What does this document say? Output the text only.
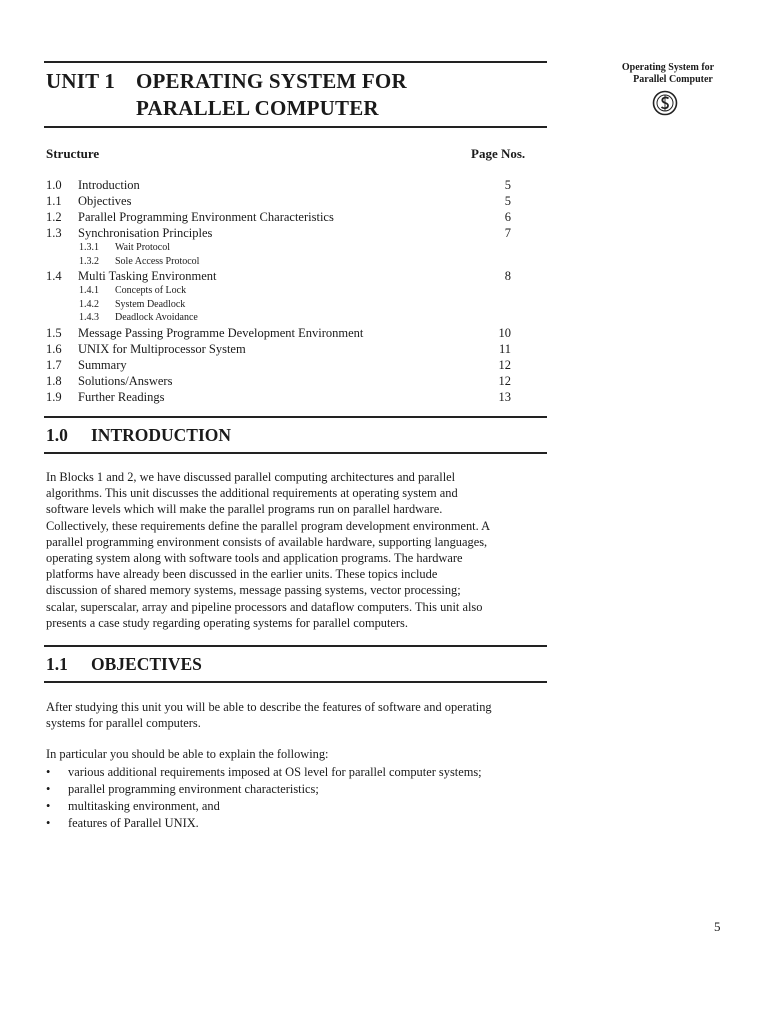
Operating System for
Parallel Computer
UNIT 1 OPERATING SYSTEM FOR
PARALLEL COMPUTER
Structure	Page Nos.
1.0 Introduction	5
1.1 Objectives	5
1.2 Parallel Programming Environment Characteristics	6
1.3 Synchronisation Principles	7
1.3.1 Wait Protocol
1.3.2 Sole Access Protocol
1.4 Multi Tasking Environment	8
1.4.1 Concepts of Lock
1.4.2 System Deadlock
1.4.3 Deadlock Avoidance
1.5 Message Passing Programme Development Environment	10
1.6 UNIX for Multiprocessor System	11
1.7 Summary	12
1.8 Solutions/Answers	12
1.9 Further Readings	13
1.0 INTRODUCTION
In Blocks 1 and 2, we have discussed parallel computing architectures and parallel
algorithms. This unit discusses the additional requirements at operating system and
software levels which will make the parallel programs run on parallel hardware.
Collectively, these requirements define the parallel program development environment. A
parallel programming environment consists of available hardware, supporting languages,
operating system along with software tools and application programs. The hardware
platforms have already been discussed in the earlier units. These topics include
discussion of shared memory systems, message passing systems, vector processing;
scalar, superscalar, array and pipeline processors and dataflow computers. This unit also
presents a case study regarding operating systems for parallel computers.
1.1 OBJECTIVES
After studying this unit you will be able to describe the features of software and operating
systems for parallel computers.
In particular you should be able to explain the following:
• various additional requirements imposed at OS level for parallel computer systems;
• parallel programming environment characteristics;
• multitasking environment, and
• features of Parallel UNIX.
5
